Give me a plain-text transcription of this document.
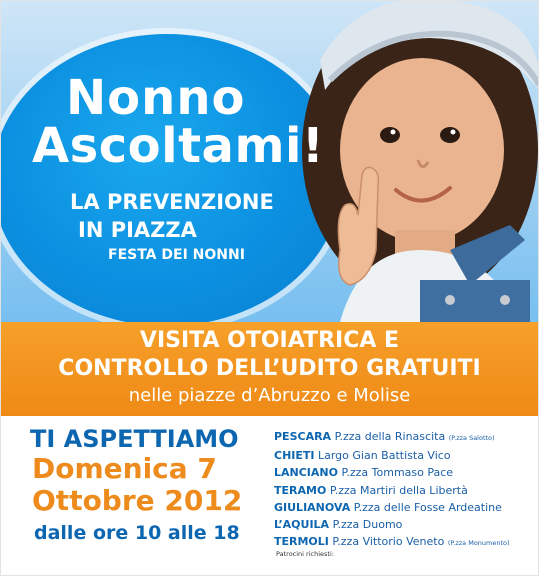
Nonno

Ascoltami!

LA PREVENZIONE

IN PIAZZA

FESTA DEI NONNI

VISITA OTOIATRICA E

CONTROLLO DELL’UDITO GRATUITI

nelle piazze d’Abruzzo e Molise

TI ASPETTIAMO

Domenica 7

Ottobre 2012

dalle ore 10 alle 18

PESCARA P.zza della Rinascita (P.zza Salotto)
CHIETI Largo Gian Battista Vico
LANCIANO P.zza Tommaso Pace
TERAMO P.zza Martiri della Libertà
GIULIANOVA P.zza delle Fosse Ardeatine
L’AQUILA P.zza Duomo
TERMOLI P.zza Vittorio Veneto (P.zza Monumento)

Patrocini richiesti:
